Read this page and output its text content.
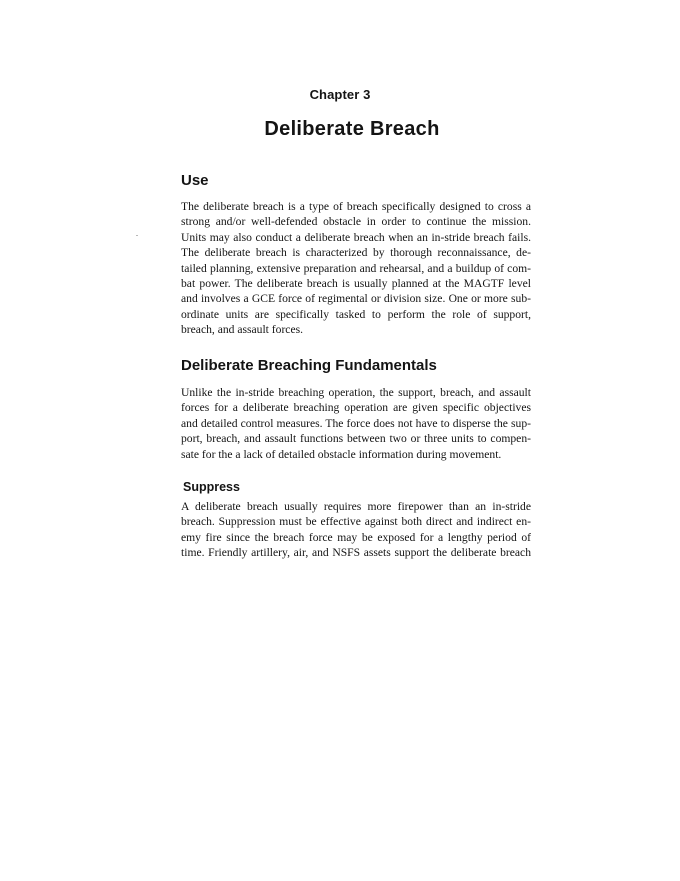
Chapter 3
Deliberate Breach
Use
The deliberate breach is a type of breach specifically designed to cross a
strong and/or well-defended obstacle in order to continue the mission.
Units may also conduct a deliberate breach when an in-stride breach fails.
The deliberate breach is characterized by thorough reconnaissance, de-
tailed planning, extensive preparation and rehearsal, and a buildup of com-
bat power. The deliberate breach is usually planned at the MAGTF level
and involves a GCE force of regimental or division size. One or more sub-
ordinate units are specifically tasked to perform the role of support,
breach, and assault forces.
Deliberate Breaching Fundamentals
Unlike the in-stride breaching operation, the support, breach, and assault
forces for a deliberate breaching operation are given specific objectives
and detailed control measures. The force does not have to disperse the sup-
port, breach, and assault functions between two or three units to compen-
sate for the a lack of detailed obstacle information during movement.
Suppress
A deliberate breach usually requires more firepower than an in-stride
breach. Suppression must be effective against both direct and indirect en-
emy fire since the breach force may be exposed for a lengthy period of
time. Friendly artillery, air, and NSFS assets support the deliberate breach
